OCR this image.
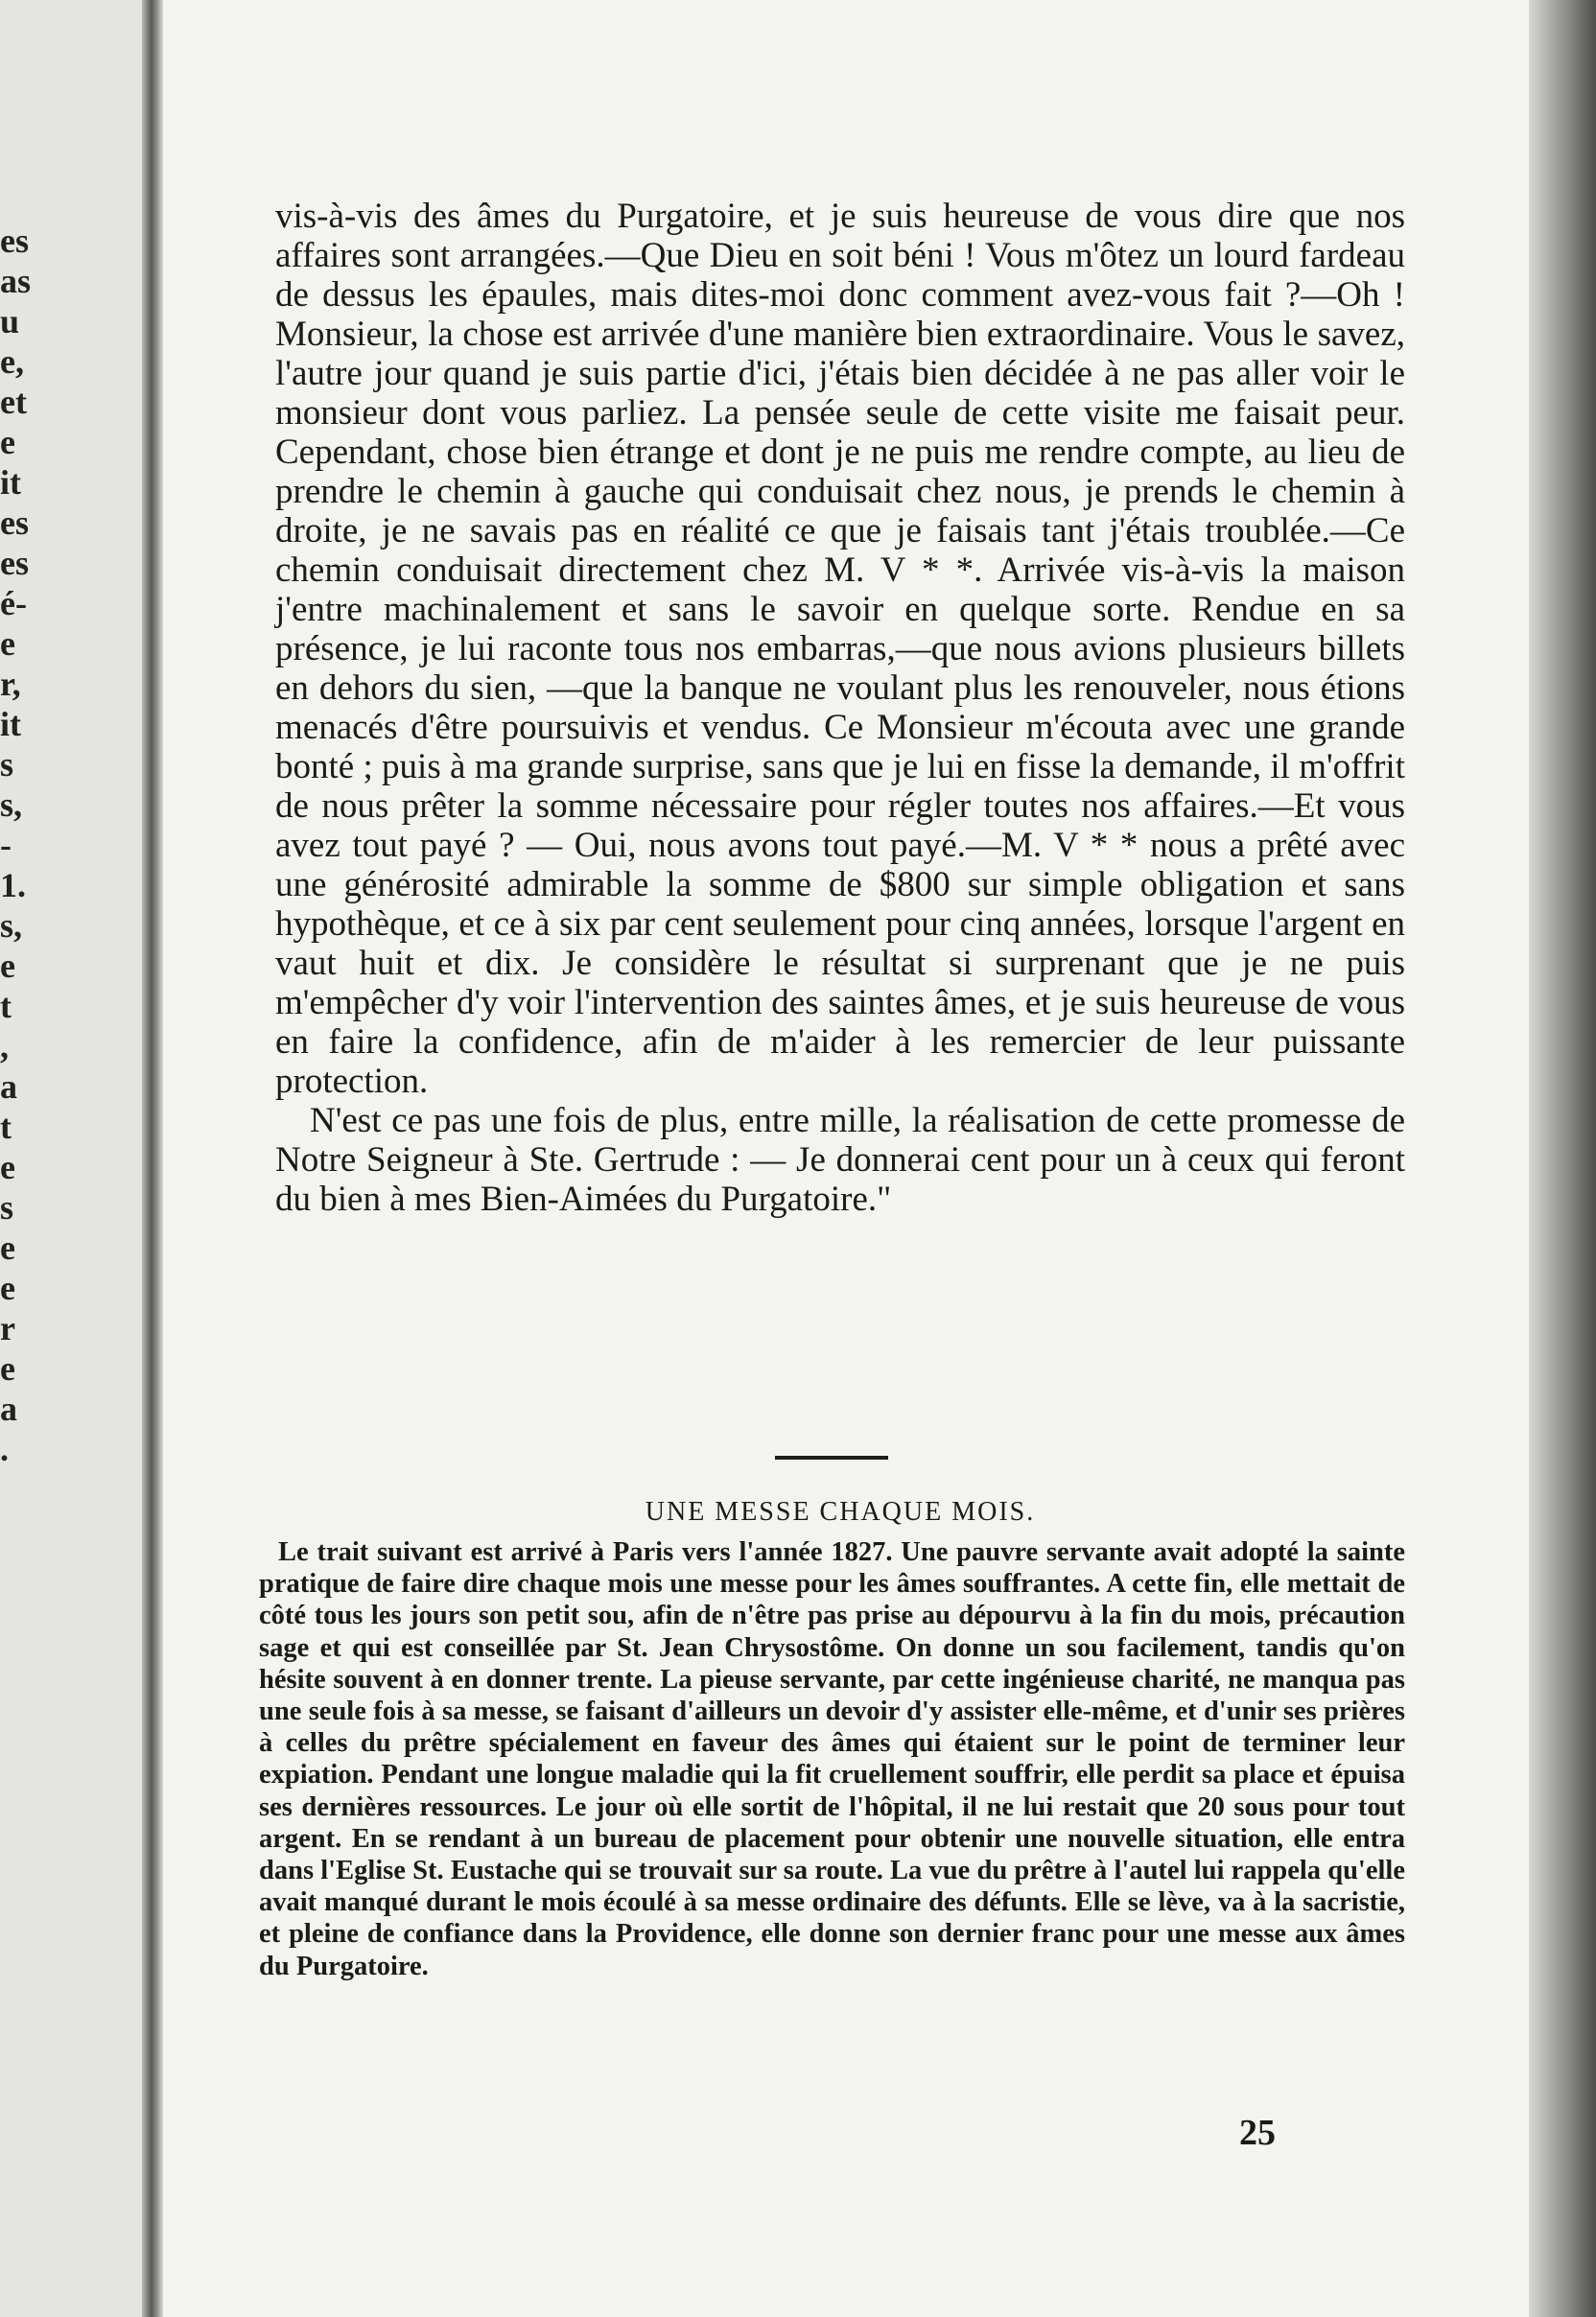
es
as
u
e,
et
e
it
es
es
é-
e
r,
it
s
s,
-
1.
s,
e
t
,
a
t
e
s
e
e
r
e
a
.

vis-à-vis des âmes du Purgatoire, et je suis heureuse de vous dire que nos affaires sont arrangées.—Que Dieu en soit béni ! Vous m'ôtez un lourd fardeau de dessus les épaules, mais dites-moi donc comment avez-vous fait ?—Oh ! Monsieur, la chose est arrivée d'une manière bien extraordinaire. Vous le savez, l'autre jour quand je suis partie d'ici, j'étais bien décidée à ne pas aller voir le monsieur dont vous parliez. La pensée seule de cette visite me faisait peur. Cependant, chose bien étrange et dont je ne puis me rendre compte, au lieu de prendre le chemin à gauche qui conduisait chez nous, je prends le chemin à droite, je ne savais pas en réalité ce que je faisais tant j'étais troublée.—Ce chemin conduisait directement chez M. V * *. Arrivée vis-à-vis la maison j'entre machinalement et sans le savoir en quelque sorte. Rendue en sa présence, je lui raconte tous nos embarras,—que nous avions plusieurs billets en dehors du sien, —que la banque ne voulant plus les renouveler, nous étions menacés d'être poursuivis et vendus. Ce Monsieur m'écouta avec une grande bonté ; puis à ma grande surprise, sans que je lui en fisse la demande, il m'offrit de nous prêter la somme nécessaire pour régler toutes nos affaires.—Et vous avez tout payé ? — Oui, nous avons tout payé.—M. V * * nous a prêté avec une générosité admirable la somme de $800 sur simple obligation et sans hypothèque, et ce à six par cent seulement pour cinq années, lorsque l'argent en vaut huit et dix. Je considère le résultat si surprenant que je ne puis m'empêcher d'y voir l'intervention des saintes âmes, et je suis heureuse de vous en faire la confidence, afin de m'aider à les remercier de leur puissante protection.

N'est ce pas une fois de plus, entre mille, la réalisation de cette promesse de Notre Seigneur à Ste. Gertrude : — Je donnerai cent pour un à ceux qui feront du bien à mes Bien-Aimées du Purgatoire."

UNE MESSE CHAQUE MOIS.

Le trait suivant est arrivé à Paris vers l'année 1827. Une pauvre servante avait adopté la sainte pratique de faire dire chaque mois une messe pour les âmes souffrantes. A cette fin, elle mettait de côté tous les jours son petit sou, afin de n'être pas prise au dépourvu à la fin du mois, précaution sage et qui est conseillée par St. Jean Chrysostôme. On donne un sou facilement, tandis qu'on hésite souvent à en donner trente. La pieuse servante, par cette ingénieuse charité, ne manqua pas une seule fois à sa messe, se faisant d'ailleurs un devoir d'y assister elle-même, et d'unir ses prières à celles du prêtre spécialement en faveur des âmes qui étaient sur le point de terminer leur expiation. Pendant une longue maladie qui la fit cruellement souffrir, elle perdit sa place et épuisa ses dernières ressources. Le jour où elle sortit de l'hôpital, il ne lui restait que 20 sous pour tout argent. En se rendant à un bureau de placement pour obtenir une nouvelle situation, elle entra dans l'Eglise St. Eustache qui se trouvait sur sa route. La vue du prêtre à l'autel lui rappela qu'elle avait manqué durant le mois écoulé à sa messe ordinaire des défunts. Elle se lève, va à la sacristie, et pleine de confiance dans la Providence, elle donne son dernier franc pour une messe aux âmes du Purgatoire.

25
